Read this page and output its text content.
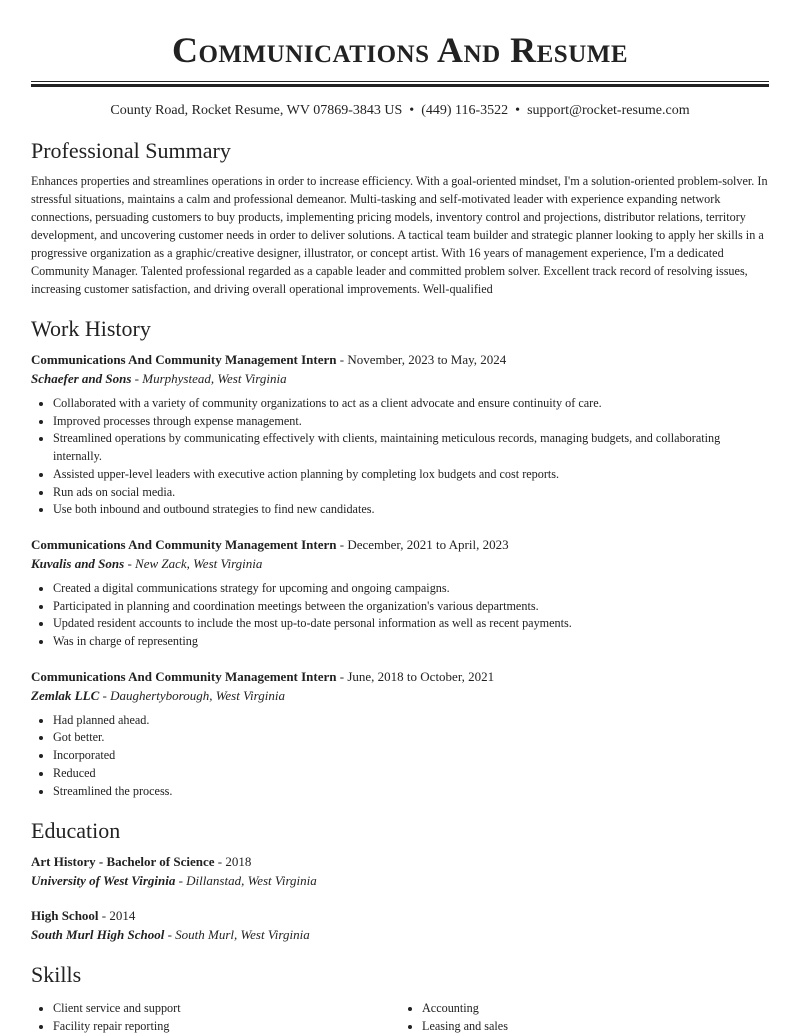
Communications And Resume
County Road, Rocket Resume, WV 07869-3843 US • (449) 116-3522 • support@rocket-resume.com
Professional Summary

Enhances properties and streamlines operations in order to increase efficiency. With a goal-oriented mindset, I'm a solution-oriented problem-solver. In stressful situations, maintains a calm and professional demeanor. Multi-tasking and self-motivated leader with experience expanding network connections, persuading customers to buy products, implementing pricing models, inventory control and projections, distributor relations, territory development, and uncovering customer needs in order to deliver solutions. A tactical team builder and strategic planner looking to apply her skills in a progressive organization as a graphic/creative designer, illustrator, or concept artist. With 16 years of management experience, I'm a dedicated Community Manager. Talented professional regarded as a capable leader and committed problem solver. Excellent track record of resolving issues, increasing customer satisfaction, and driving overall operational improvements. Well-qualified

Work History
Communications And Community Management Intern - November, 2023 to May, 2024
Schaefer and Sons - Murphystead, West Virginia
• Collaborated with a variety of community organizations to act as a client advocate and ensure continuity of care.
• Improved processes through expense management.
• Streamlined operations by communicating effectively with clients, maintaining meticulous records, managing budgets, and collaborating internally.
• Assisted upper-level leaders with executive action planning by completing lox budgets and cost reports.
• Run ads on social media.
• Use both inbound and outbound strategies to find new candidates.
Communications And Community Management Intern - December, 2021 to April, 2023
Kuvalis and Sons - New Zack, West Virginia
• Created a digital communications strategy for upcoming and ongoing campaigns.
• Participated in planning and coordination meetings between the organization's various departments.
• Updated resident accounts to include the most up-to-date personal information as well as recent payments.
• Was in charge of representing
Communications And Community Management Intern - June, 2018 to October, 2021
Zemlak LLC - Daughertyborough, West Virginia
• Had planned ahead.
• Got better.
• Incorporated
• Reduced
• Streamlined the process.
Education
Art History - Bachelor of Science - 2018
University of West Virginia - Dillanstad, West Virginia
High School - 2014
South Murl High School - South Murl, West Virginia
Skills
• Client service and support
• Facility repair reporting
• Accounting
• Leasing and sales
